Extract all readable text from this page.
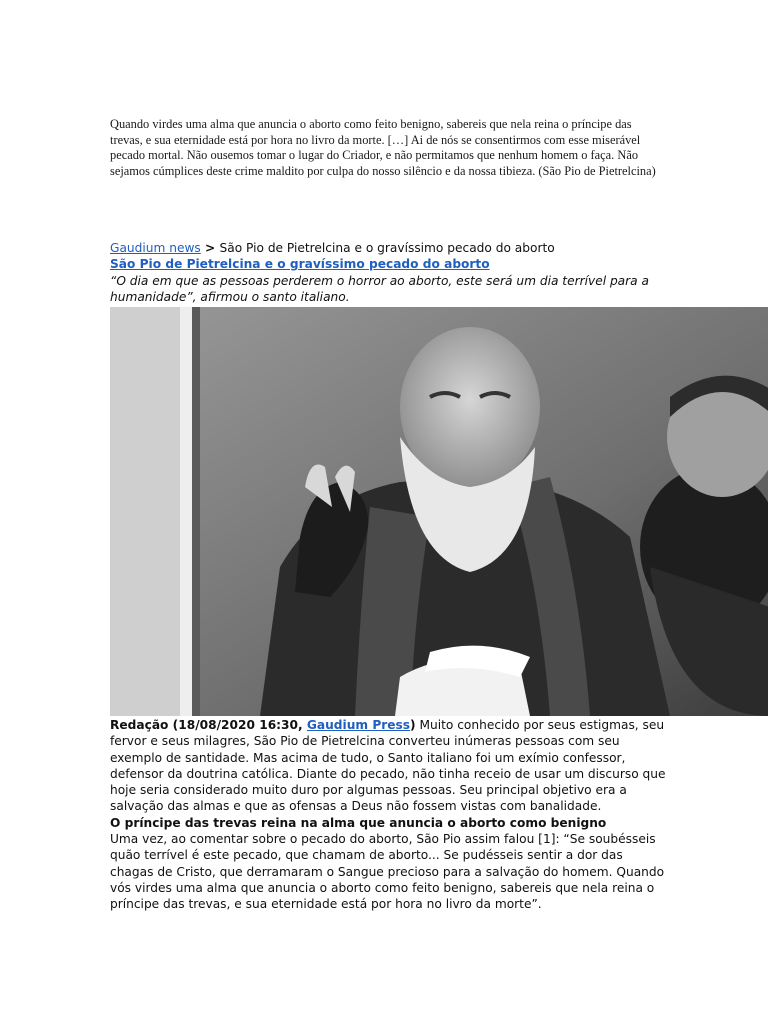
Quando virdes uma alma que anuncia o aborto como feito benigno, sabereis que nela reina o príncipe das trevas, e sua eternidade está por hora no livro da morte. […] Ai de nós se consentirmos com esse miserável pecado mortal. Não ousemos tomar o lugar do Criador, e não permitamos que nenhum homem o faça. Não sejamos cúmplices deste crime maldito por culpa do nosso silêncio e da nossa tibieza. (São Pio de Pietrelcina)

Gaudium news > São Pio de Pietrelcina e o gravíssimo pecado do aborto

São Pio de Pietrelcina e o gravíssimo pecado do aborto

“O dia em que as pessoas perderem o horror ao aborto, este será um dia terrível para a humanidade”, afirmou o santo italiano.

Redação (18/08/2020 16:30, Gaudium Press) Muito conhecido por seus estigmas, seu fervor e seus milagres, São Pio de Pietrelcina converteu inúmeras pessoas com seu exemplo de santidade. Mas acima de tudo, o Santo italiano foi um exímio confessor, defensor da doutrina católica. Diante do pecado, não tinha receio de usar um discurso que hoje seria considerado muito duro por algumas pessoas. Seu principal objetivo era a salvação das almas e que as ofensas a Deus não fossem vistas com banalidade.

O príncipe das trevas reina na alma que anuncia o aborto como benigno

Uma vez, ao comentar sobre o pecado do aborto, São Pio assim falou [1]: “Se soubésseis quão terrível é este pecado, que chamam de aborto... Se pudésseis sentir a dor das chagas de Cristo, que derramaram o Sangue precioso para a salvação do homem. Quando vós virdes uma alma que anuncia o aborto como feito benigno, sabereis que nela reina o príncipe das trevas, e sua eternidade está por hora no livro da morte”.
